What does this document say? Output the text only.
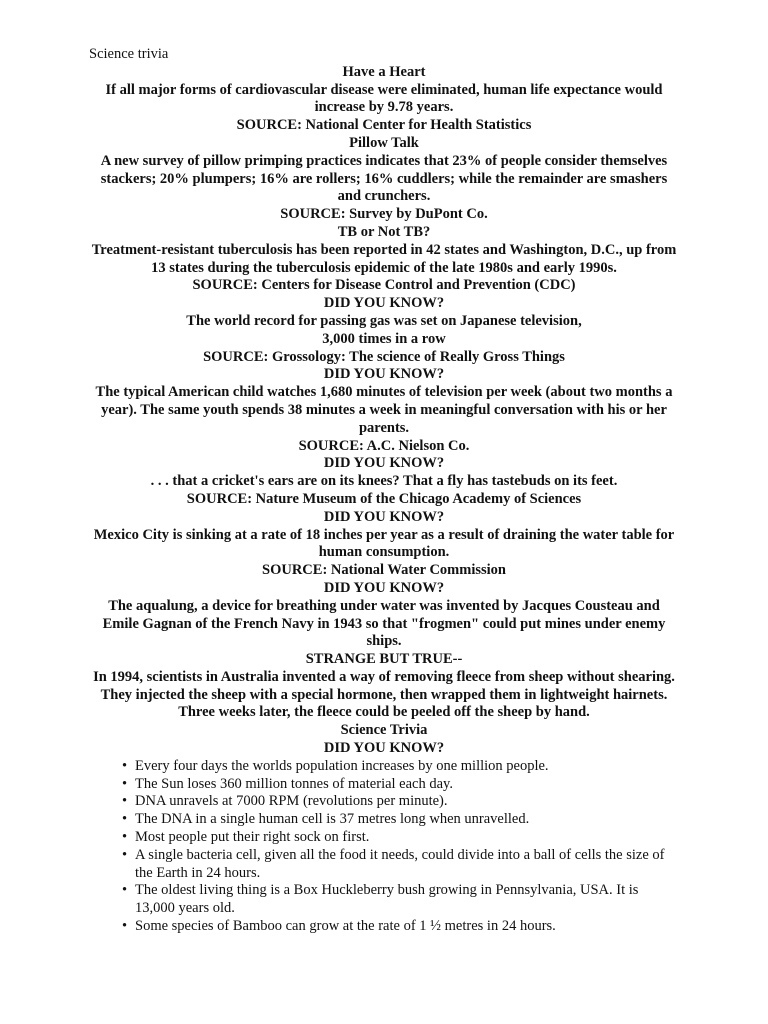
Science trivia
Have a Heart
If all major forms of cardiovascular disease were eliminated, human life expectance would increase by 9.78 years.
SOURCE: National Center for Health Statistics
Pillow Talk
A new survey of pillow primping practices indicates that 23% of people consider themselves stackers; 20% plumpers; 16% are rollers; 16% cuddlers; while the remainder are smashers and crunchers.
SOURCE: Survey by DuPont Co.
TB or Not TB?
Treatment-resistant tuberculosis has been reported in 42 states and Washington, D.C., up from 13 states during the tuberculosis epidemic of the late 1980s and early 1990s.
SOURCE: Centers for Disease Control and Prevention (CDC)
DID YOU KNOW?
The world record for passing gas was set on Japanese television,
3,000 times in a row
SOURCE: Grossology: The science of Really Gross Things
DID YOU KNOW?
The typical American child watches 1,680 minutes of television per week (about two months a year). The same youth spends 38 minutes a week in meaningful conversation with his or her parents.
SOURCE: A.C. Nielson Co.
DID YOU KNOW?
. . . that a cricket's ears are on its knees? That a fly has tastebuds on its feet.
SOURCE: Nature Museum of the Chicago Academy of Sciences
DID YOU KNOW?
Mexico City is sinking at a rate of 18 inches per year as a result of draining the water table for human consumption.
SOURCE: National Water Commission
DID YOU KNOW?
The aqualung, a device for breathing under water was invented by Jacques Cousteau and Emile Gagnan of the French Navy in 1943 so that "frogmen" could put mines under enemy ships.
STRANGE BUT TRUE--
In 1994, scientists in Australia invented a way of removing fleece from sheep without shearing. They injected the sheep with a special hormone, then wrapped them in lightweight hairnets. Three weeks later, the fleece could be peeled off the sheep by hand.
Science Trivia
DID YOU KNOW?
• Every four days the worlds population increases by one million people.
• The Sun loses 360 million tonnes of material each day.
• DNA unravels at 7000 RPM (revolutions per minute).
• The DNA in a single human cell is 37 metres long when unravelled.
• Most people put their right sock on first.
• A single bacteria cell, given all the food it needs, could divide into a ball of cells the size of the Earth in 24 hours.
• The oldest living thing is a Box Huckleberry bush growing in Pennsylvania, USA. It is 13,000 years old.
• Some species of Bamboo can grow at the rate of 1 ½ metres in 24 hours.
